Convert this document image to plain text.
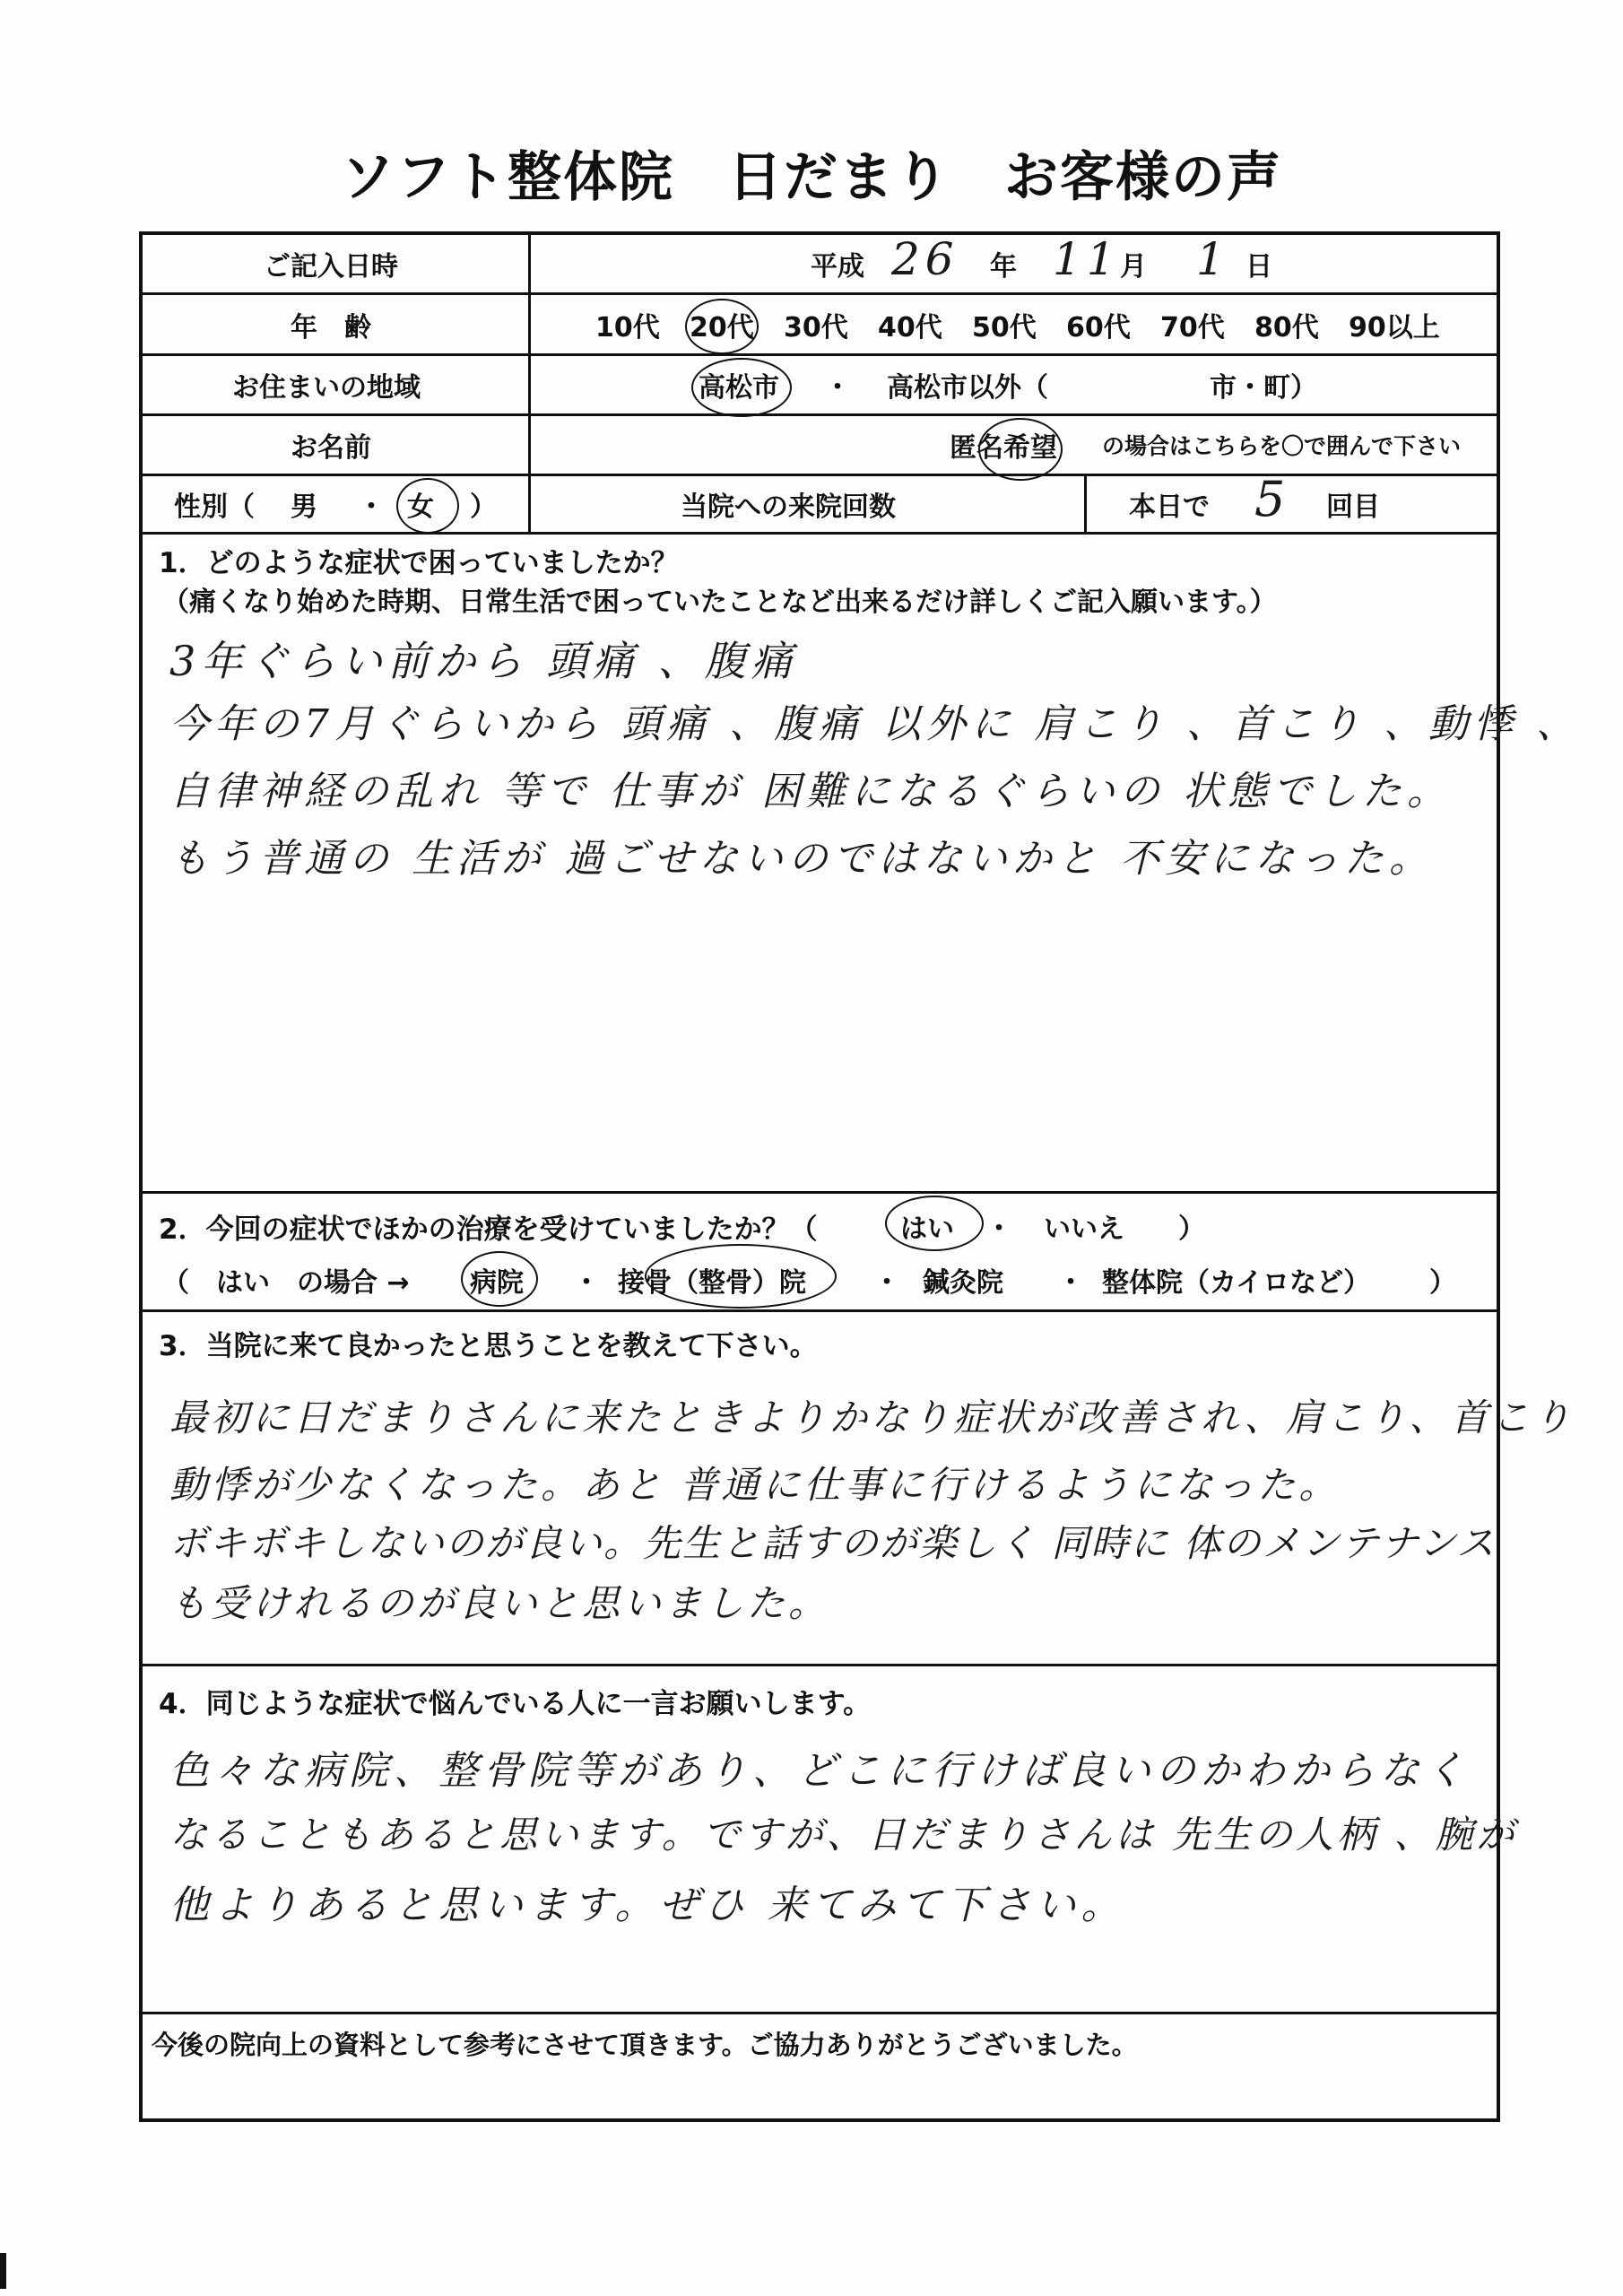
ソフト整体院 日だまり お客様の声
ご記入日時	平成 26 年 11 月 1 日
年　齢	10代 20代 30代 40代 50代 60代 70代 80代 90以上
お住まいの地域	高松市 ・ 高松市以外（	市・町）
お名前	匿名希望 の場合はこちらを〇で囲んで下さい
性別（ 男 ・ 女 ）	当院への来院回数	本日で 5 回目
1．どのような症状で困っていましたか？
（痛くなり始めた時期、日常生活で困っていたことなど出来るだけ詳しくご記入願います。）
3年ぐらい前から 頭痛 、腹痛
今年の7月ぐらいから 頭痛 、腹痛 以外に 肩こり 、首こり 、動悸 、
自律神経の乱れ 等で 仕事が 困難になるぐらいの 状態でした。
もう普通の 生活が 過ごせないのではないかと 不安になった。
2．今回の症状でほかの治療を受けていましたか？（	はい ・ いいえ ）
（　はい　の場合 → 病院 ・ 接骨（整骨）院	・ 鍼灸院 ・ 整体院（カイロなど） ）
3．当院に来て良かったと思うことを教えて下さい。
最初に日だまりさんに来たときよりかなり症状が改善され、肩こり、首こり
動悸が少なくなった。あと 普通に仕事に行けるようになった。
ボキボキしないのが良い。先生と話すのが楽しく 同時に 体のメンテナンス
も受けれるのが良いと思いました。
4．同じような症状で悩んでいる人に一言お願いします。
色々な病院、整骨院等があり、どこに行けば良いのかわからなく
なることもあると思います。ですが、日だまりさんは 先生の人柄 、腕が
他よりあると思います。ぜひ 来てみて下さい。
今後の院向上の資料として参考にさせて頂きます。ご協力ありがとうございました。
